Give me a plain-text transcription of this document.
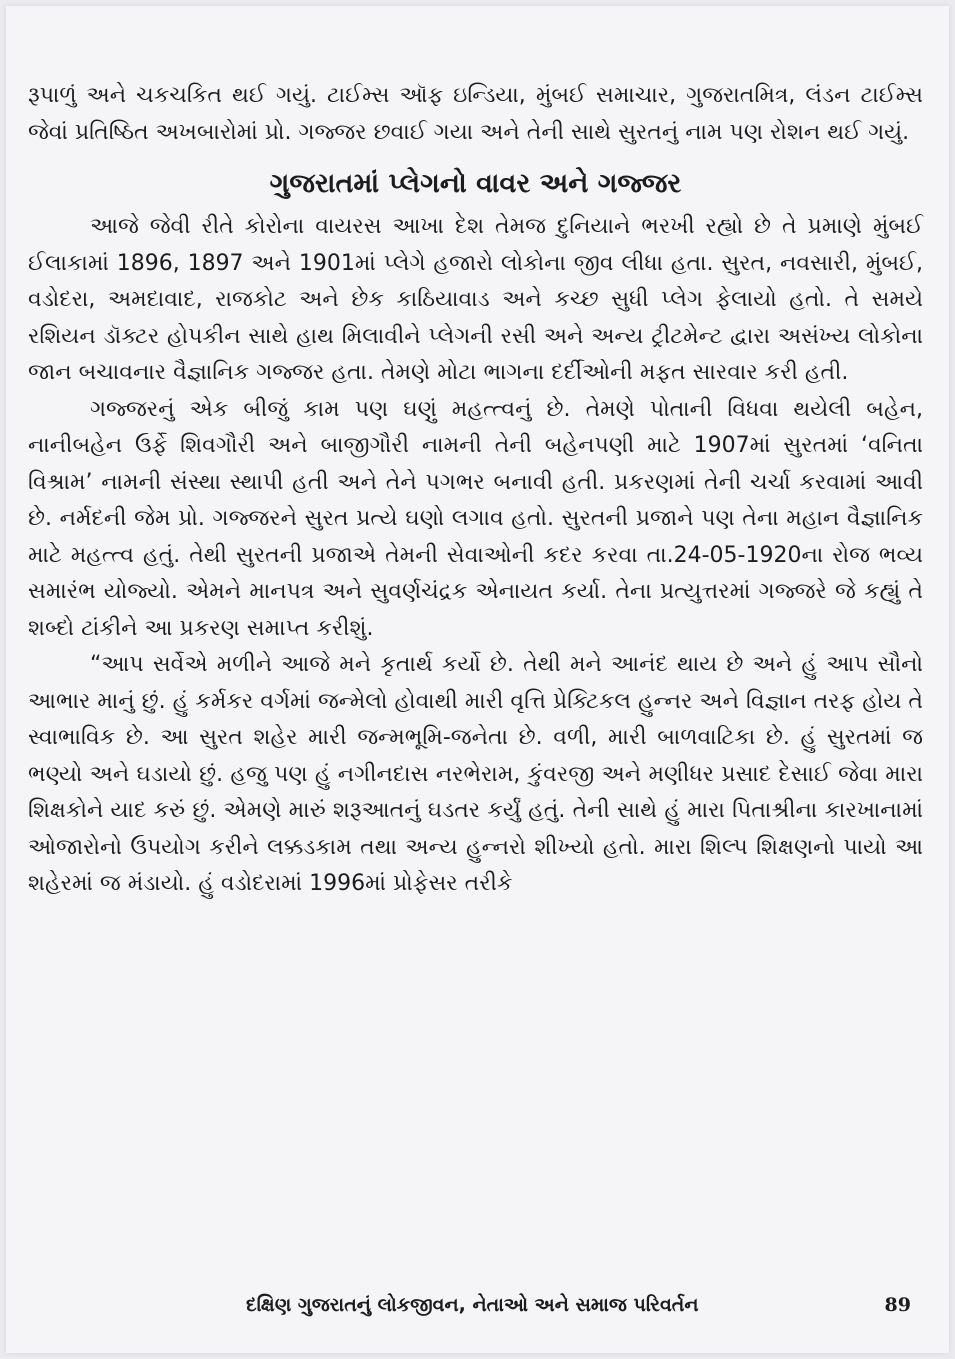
રૂપાળું અને ચકચકિત થઈ ગયું. ટાઈમ્સ ઑફ ઇન્ડિયા, મુંબઈ સમાચાર, ગુજરાતમિત્ર, લંડન ટાઈમ્સ જેવાં પ્રતિષ્ઠિત અખબારોમાં પ્રો. ગજ્જર છવાઈ ગયા અને તેની સાથે સુરતનું નામ પણ રોશન થઈ ગયું.

ગુજરાતમાં પ્લેગનો વાવર અને ગજ્જર

આજે જેવી રીતે કોરોના વાયરસ આખા દેશ તેમજ દુનિયાને ભરખી રહ્યો છે તે પ્રમાણે મુંબઈ ઈલાકામાં 1896, 1897 અને 1901માં પ્લેગે હજારો લોકોના જીવ લીધા હતા. સુરત, નવસારી, મુંબઈ, વડોદરા, અમદાવાદ, રાજકોટ અને છેક કાઠિયાવાડ અને કચ્છ સુધી પ્લેગ ફેલાયો હતો. તે સમયે રશિયન ડૉક્ટર હોપકીન સાથે હાથ મિલાવીને પ્લેગની રસી અને અન્ય ટ્રીટમેન્ટ દ્વારા અસંખ્ય લોકોના જાન બચાવનાર વૈજ્ઞાનિક ગજ્જર હતા. તેમણે મોટા ભાગના દર્દીઓની મફત સારવાર કરી હતી.

ગજ્જરનું એક બીજું કામ પણ ઘણું મહત્ત્વનું છે. તેમણે પોતાની વિધવા થયેલી બહેન, નાનીબહેન ઉર્ફે શિવગૌરી અને બાજીગૌરી નામની તેની બહેનપણી માટે 1907માં સુરતમાં ‘વનિતા વિશ્રામ’ નામની સંસ્થા સ્થાપી હતી અને તેને પગભર બનાવી હતી. પ્રકરણમાં તેની ચર્ચા કરવામાં આવી છે. નર્મદની જેમ પ્રો. ગજ્જરને સુરત પ્રત્યે ઘણો લગાવ હતો. સુરતની પ્રજાને પણ તેના મહાન વૈજ્ઞાનિક માટે મહત્ત્વ હતું. તેથી સુરતની પ્રજાએ તેમની સેવાઓની કદર કરવા તા.24-05-1920ના રોજ ભવ્ય સમારંભ યોજ્યો. એમને માનપત્ર અને સુવર્ણચંદ્રક એનાયત કર્યા. તેના પ્રત્યુત્તરમાં ગજ્જરે જે કહ્યું તે શબ્દો ટાંકીને આ પ્રકરણ સમાપ્ત કરીશું.

“આપ સર્વેએ મળીને આજે મને કૃતાર્થ કર્યો છે. તેથી મને આનંદ થાય છે અને હું આપ સૌનો આભાર માનું છું. હું કર્મકર વર્ગમાં જન્મેલો હોવાથી મારી વૃત્તિ પ્રેક્ટિકલ હુન્નર અને વિજ્ઞાન તરફ હોય તે સ્વાભાવિક છે. આ સુરત શહેર મારી જન્મભૂમિ-જનેતા છે. વળી, મારી બાળવાટિકા છે. હું સુરતમાં જ ભણ્યો અને ઘડાયો છું. હજુ પણ હું નગીનદાસ નરભેરામ, કુંવરજી અને મણીધર પ્રસાદ દેસાઈ જેવા મારા શિક્ષકોને યાદ કરું છું. એમણે મારું શરૂઆતનું ઘડતર કર્યું હતું. તેની સાથે હું મારા પિતાશ્રીના કારખાનામાં ઓજારોનો ઉપયોગ કરીને લક્કડકામ તથા અન્ય હુન્નરો શીખ્યો હતો. મારા શિલ્પ શિક્ષણનો પાયો આ શહેરમાં જ મંડાયો. હું વડોદરામાં 1996માં પ્રોફેસર તરીકે

દક્ષિણ ગુજરાતનું લોકજીવન, નેતાઓ અને સમાજ પરિવર્તન	89
